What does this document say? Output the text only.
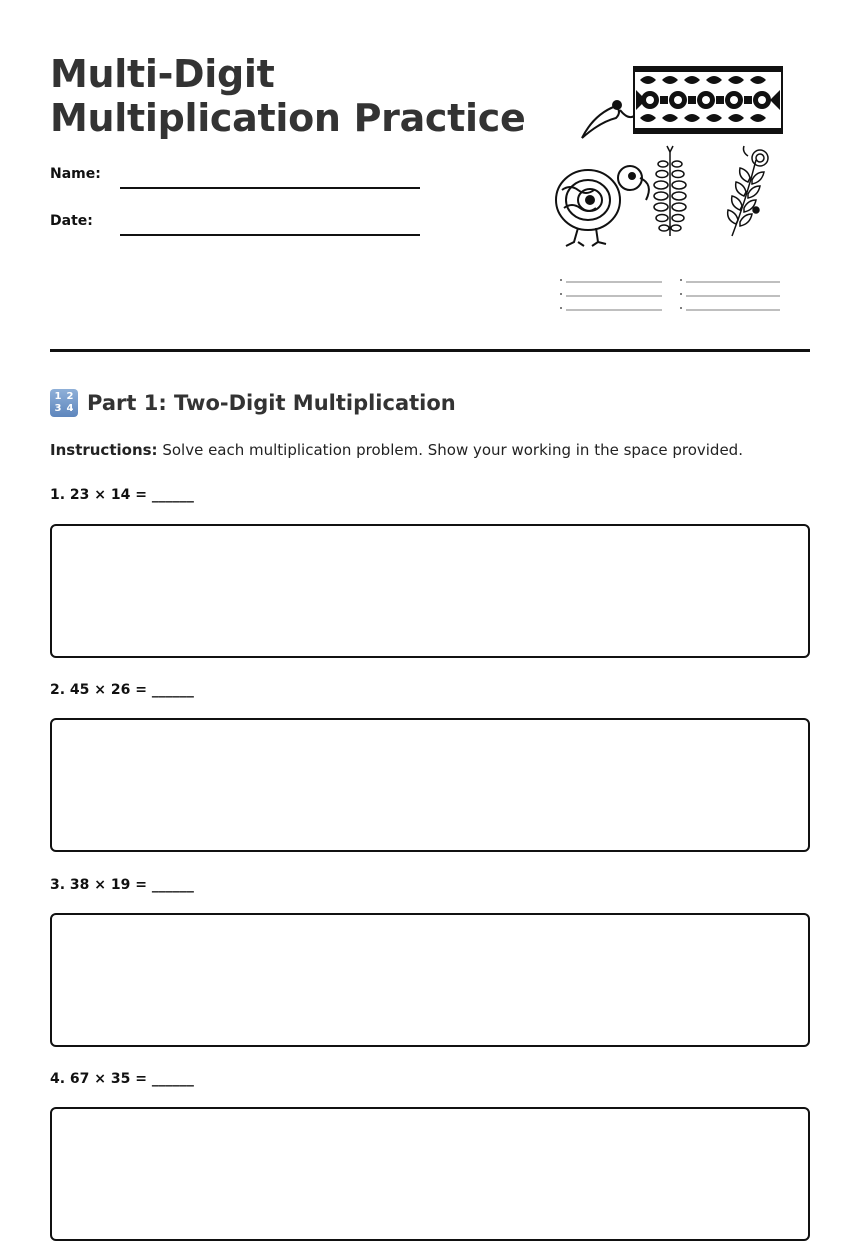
Multi-Digit
Multiplication Practice
Name:
Date:
1 2
3 4 Part 1: Two-Digit Multiplication
Instructions: Solve each multiplication problem. Show your working in the space provided.
1. 23 × 14 = ______
2. 45 × 26 = ______
3. 38 × 19 = ______
4. 67 × 35 = ______
